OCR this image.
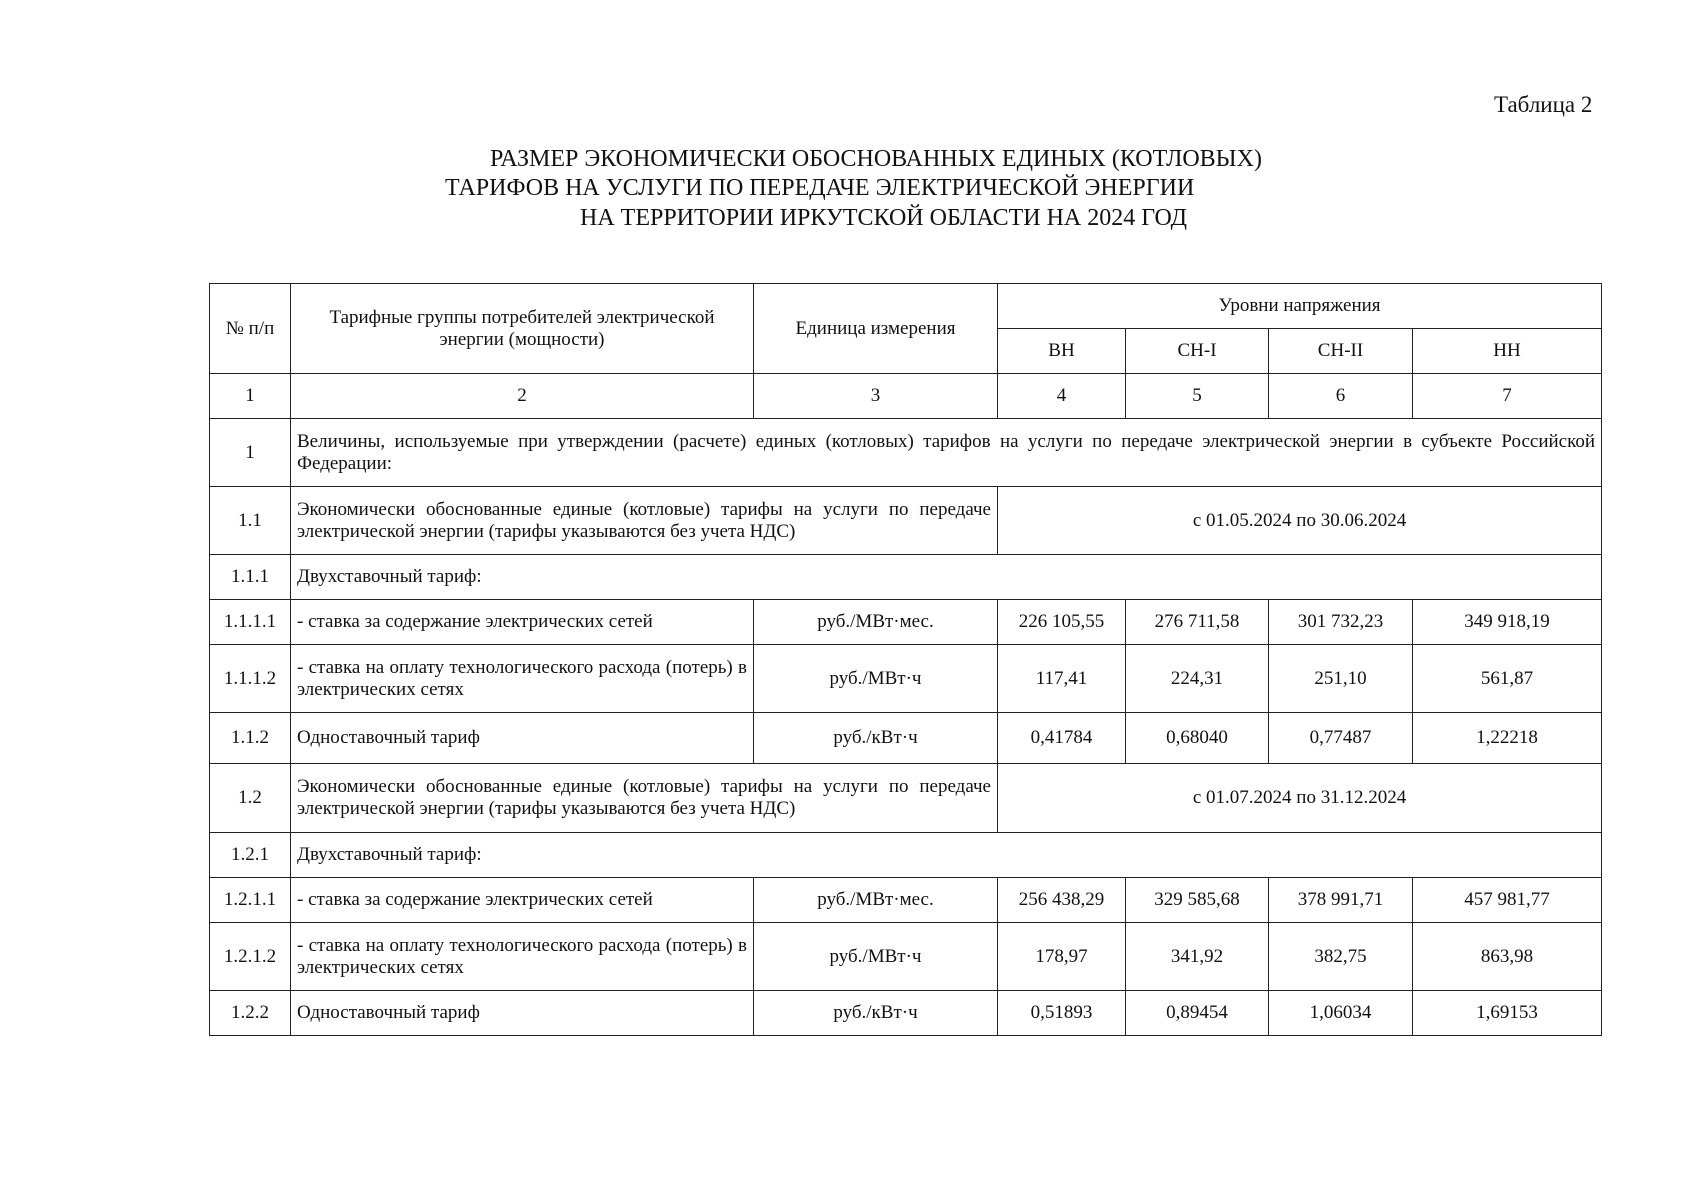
Таблица 2
РАЗМЕР ЭКОНОМИЧЕСКИ ОБОСНОВАННЫХ ЕДИНЫХ (КОТЛОВЫХ)
ТАРИФОВ НА УСЛУГИ ПО ПЕРЕДАЧЕ ЭЛЕКТРИЧЕСКОЙ ЭНЕРГИИ
НА ТЕРРИТОРИИ ИРКУТСКОЙ ОБЛАСТИ НА 2024 ГОД
№ п/п	Тарифные группы потребителей электрической энергии (мощности)	Единица измерения	Уровни напряжения			
			ВН	СН-I	СН-II	НН
1	2	3	4	5	6	7
1	Величины, используемые при утверждении (расчете) единых (котловых) тарифов на услуги по передаче электрической энергии в субъекте Российской Федерации:					
1.1	Экономически обоснованные единые (котловые) тарифы на услуги по передаче электрической энергии (тарифы указываются без учета НДС)		с 01.05.2024 по 30.06.2024			
1.1.1	Двухставочный тариф:					
1.1.1.1	- ставка за содержание электрических сетей	руб./МВт·мес.	226 105,55	276 711,58	301 732,23	349 918,19
1.1.1.2	- ставка на оплату технологического расхода (потерь) в электрических сетях	руб./МВт·ч	117,41	224,31	251,10	561,87
1.1.2	Одноставочный тариф	руб./кВт·ч	0,41784	0,68040	0,77487	1,22218
1.2	Экономически обоснованные единые (котловые) тарифы на услуги по передаче электрической энергии (тарифы указываются без учета НДС)		с 01.07.2024 по 31.12.2024			
1.2.1	Двухставочный тариф:					
1.2.1.1	- ставка за содержание электрических сетей	руб./МВт·мес.	256 438,29	329 585,68	378 991,71	457 981,77
1.2.1.2	- ставка на оплату технологического расхода (потерь) в электрических сетях	руб./МВт·ч	178,97	341,92	382,75	863,98
1.2.2	Одноставочный тариф	руб./кВт·ч	0,51893	0,89454	1,06034	1,69153
